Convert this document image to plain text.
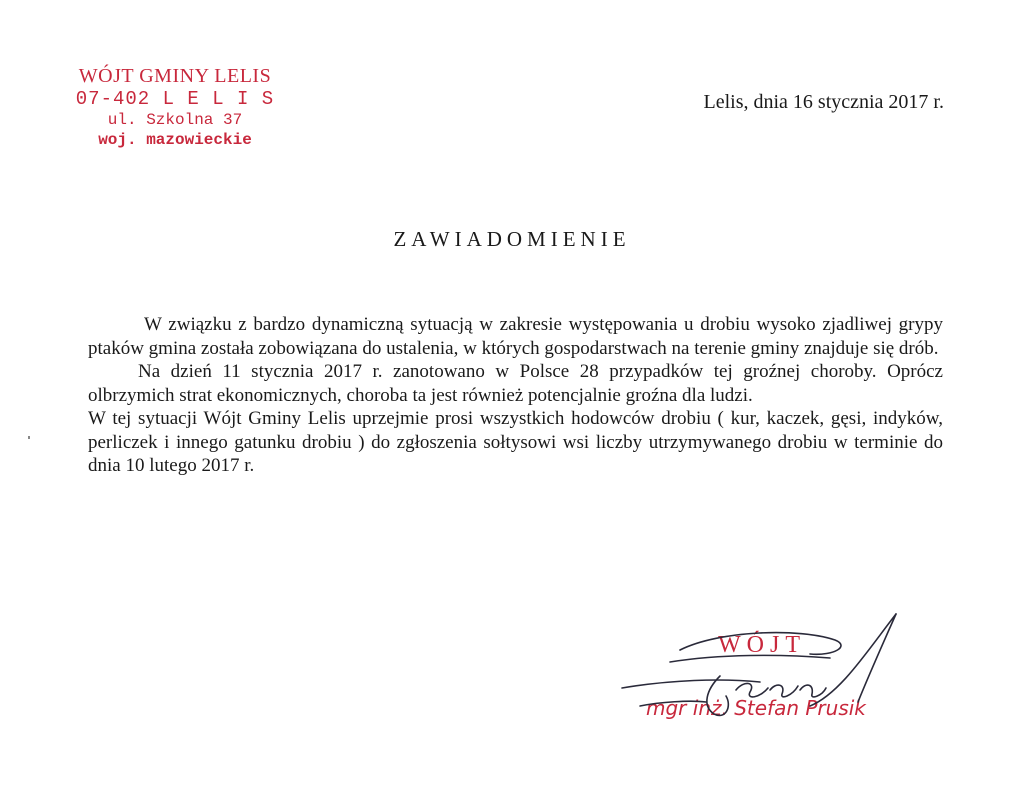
WÓJT GMINY LELIS
07-402 L E L I S
ul. Szkolna 37
woj. mazowieckie
Lelis, dnia 16 stycznia 2017 r.
ZAWIADOMIENIE

W związku z bardzo dynamiczną sytuacją w zakresie występowania u drobiu wysoko zjadliwej grypy ptaków gmina została zobowiązana do ustalenia, w których gospodarstwach na terenie gminy znajduje się drób.

Na dzień 11 stycznia 2017 r. zanotowano w Polsce 28 przypadków tej groźnej choroby. Oprócz olbrzymich strat ekonomicznych, choroba ta jest również potencjalnie groźna dla ludzi.

W tej sytuacji Wójt Gminy Lelis uprzejmie prosi wszystkich hodowców drobiu ( kur, kaczek, gęsi, indyków, perliczek i innego gatunku drobiu ) do zgłoszenia sołtysowi wsi liczby utrzymywanego drobiu w terminie do dnia 10 lutego 2017 r.

WÓJT
mgr inż. Stefan Prusik
